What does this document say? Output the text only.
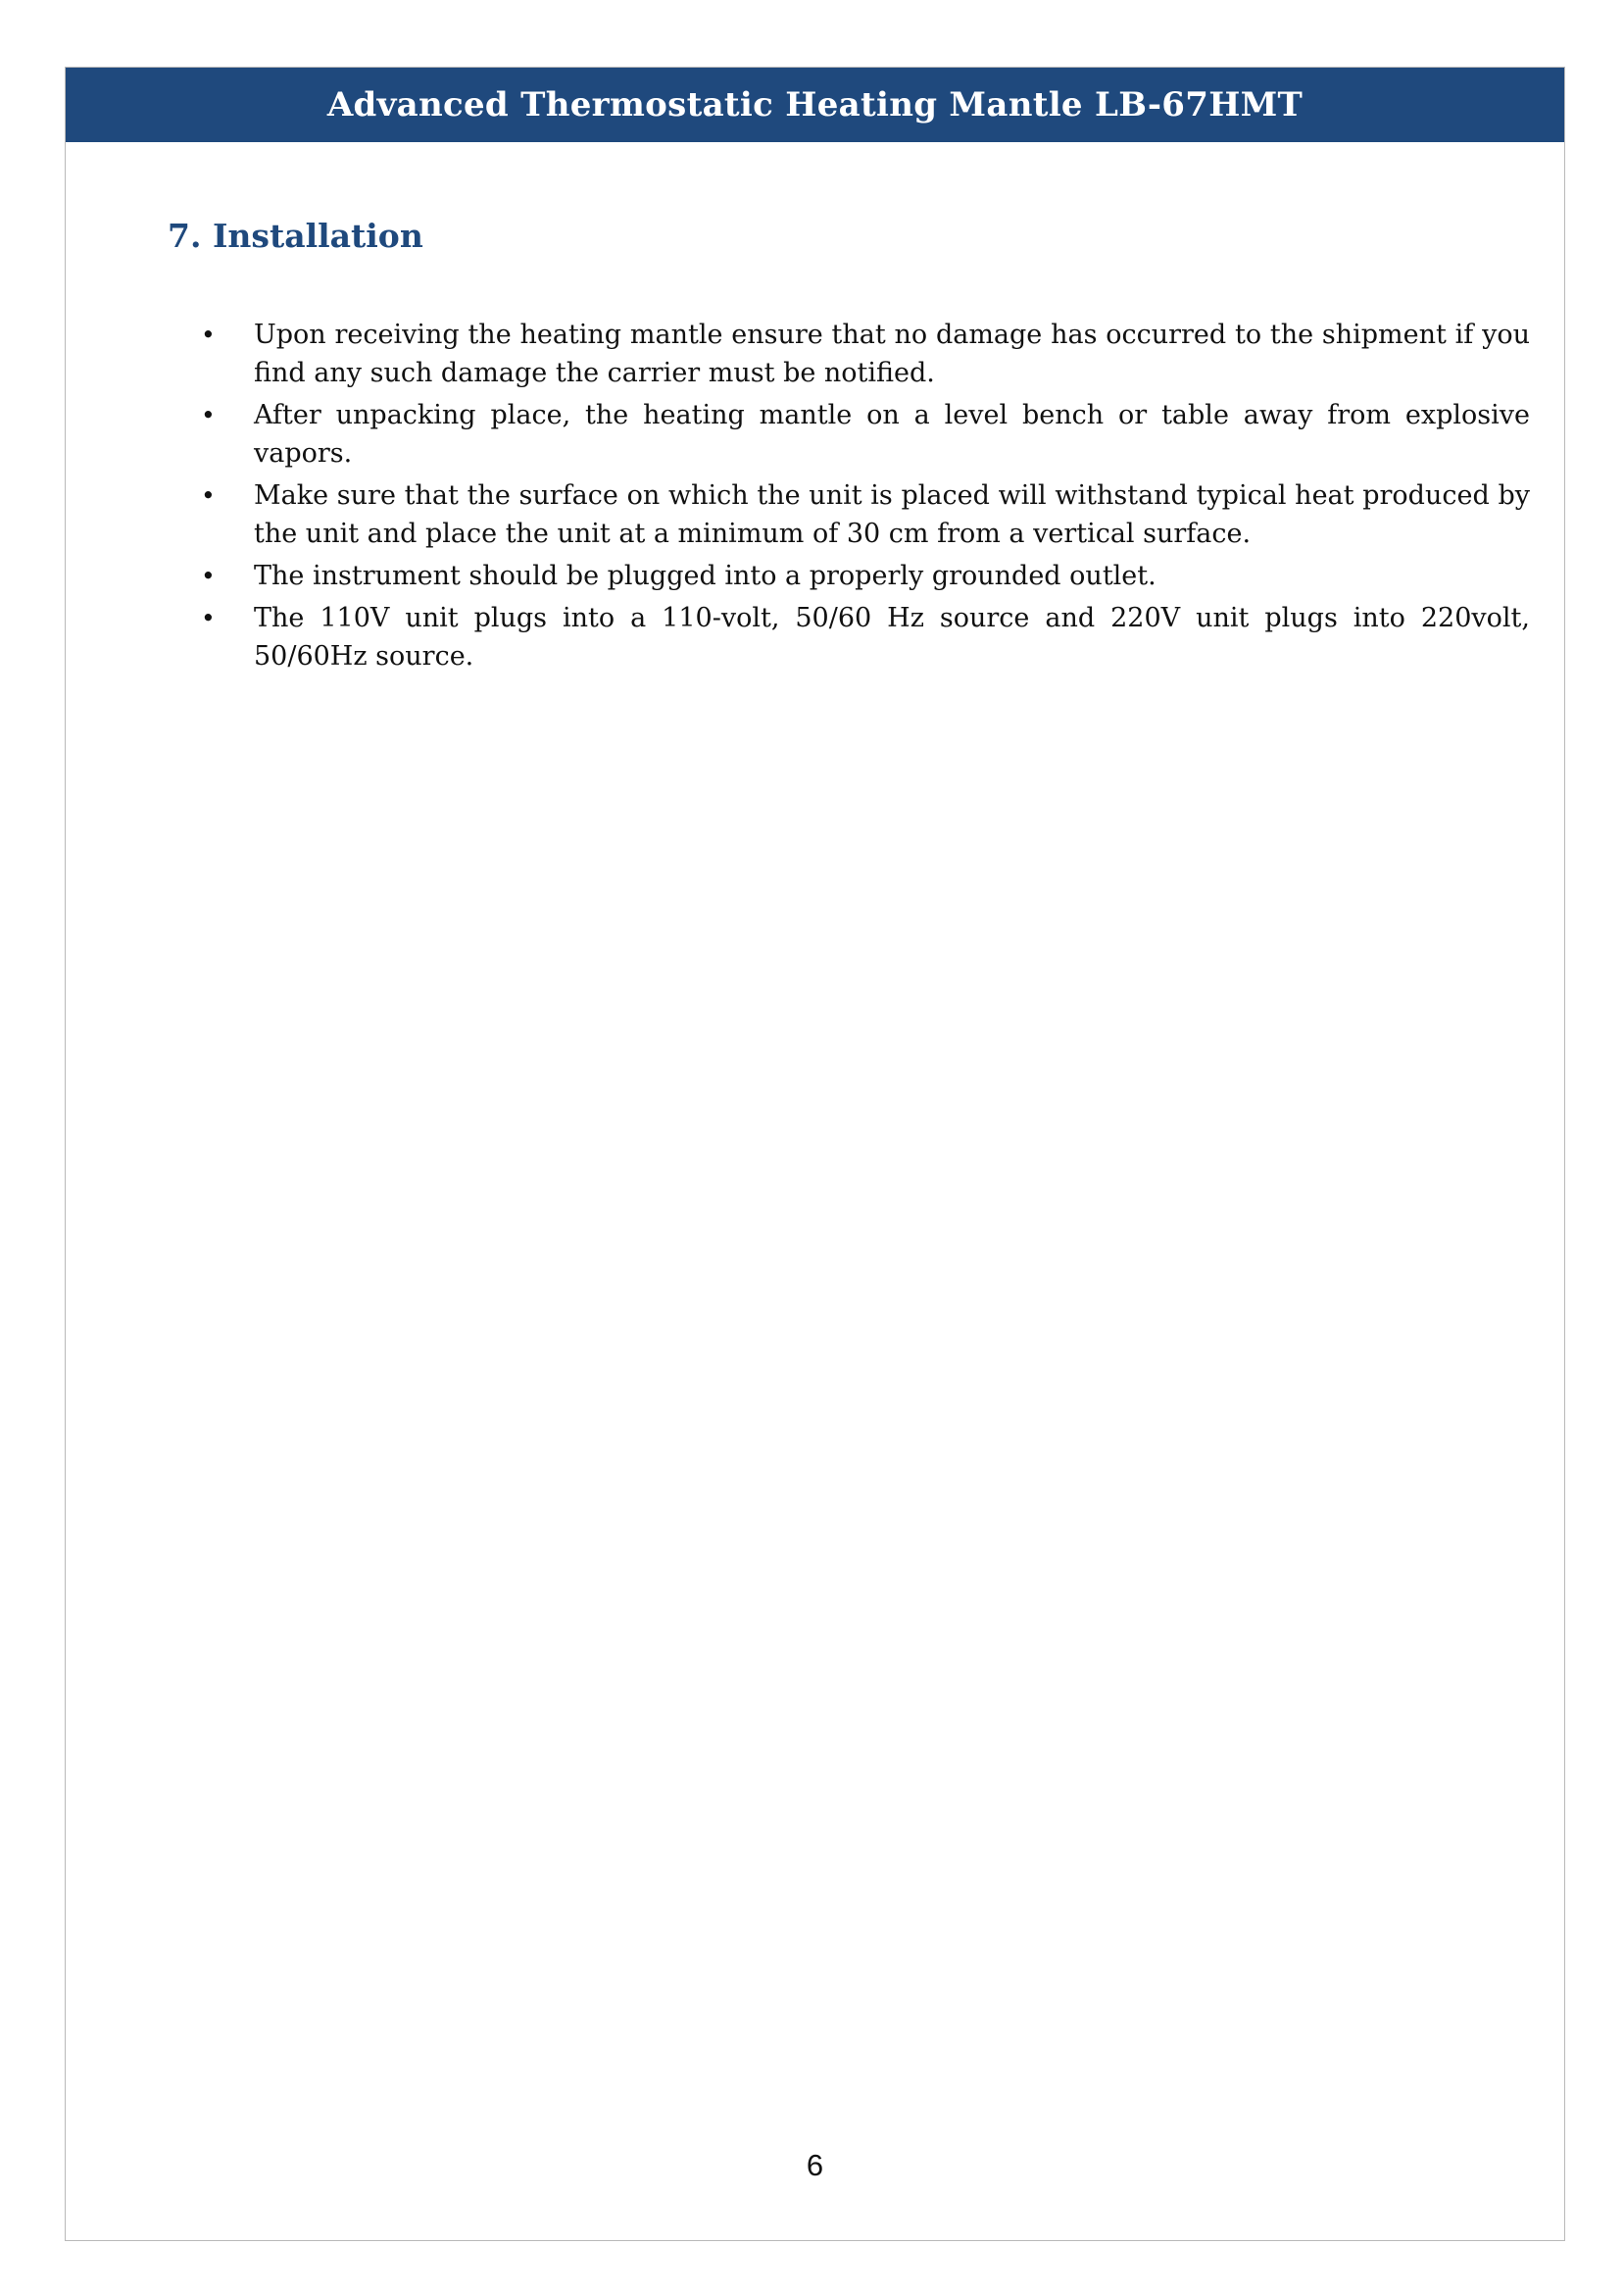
Advanced Thermostatic Heating Mantle LB-67HMT
7. Installation
•	Upon receiving the heating mantle ensure that no damage has occurred to the shipment if you find any such damage the carrier must be notified.
•	After unpacking place, the heating mantle on a level bench or table away from explosive vapors.
•	Make sure that the surface on which the unit is placed will withstand typical heat produced by the unit and place the unit at a minimum of 30 cm from a vertical surface.
•	The instrument should be plugged into a properly grounded outlet.
•	The 110V unit plugs into a 110-volt, 50/60 Hz source and 220V unit plugs into 220volt, 50/60Hz source.
6
